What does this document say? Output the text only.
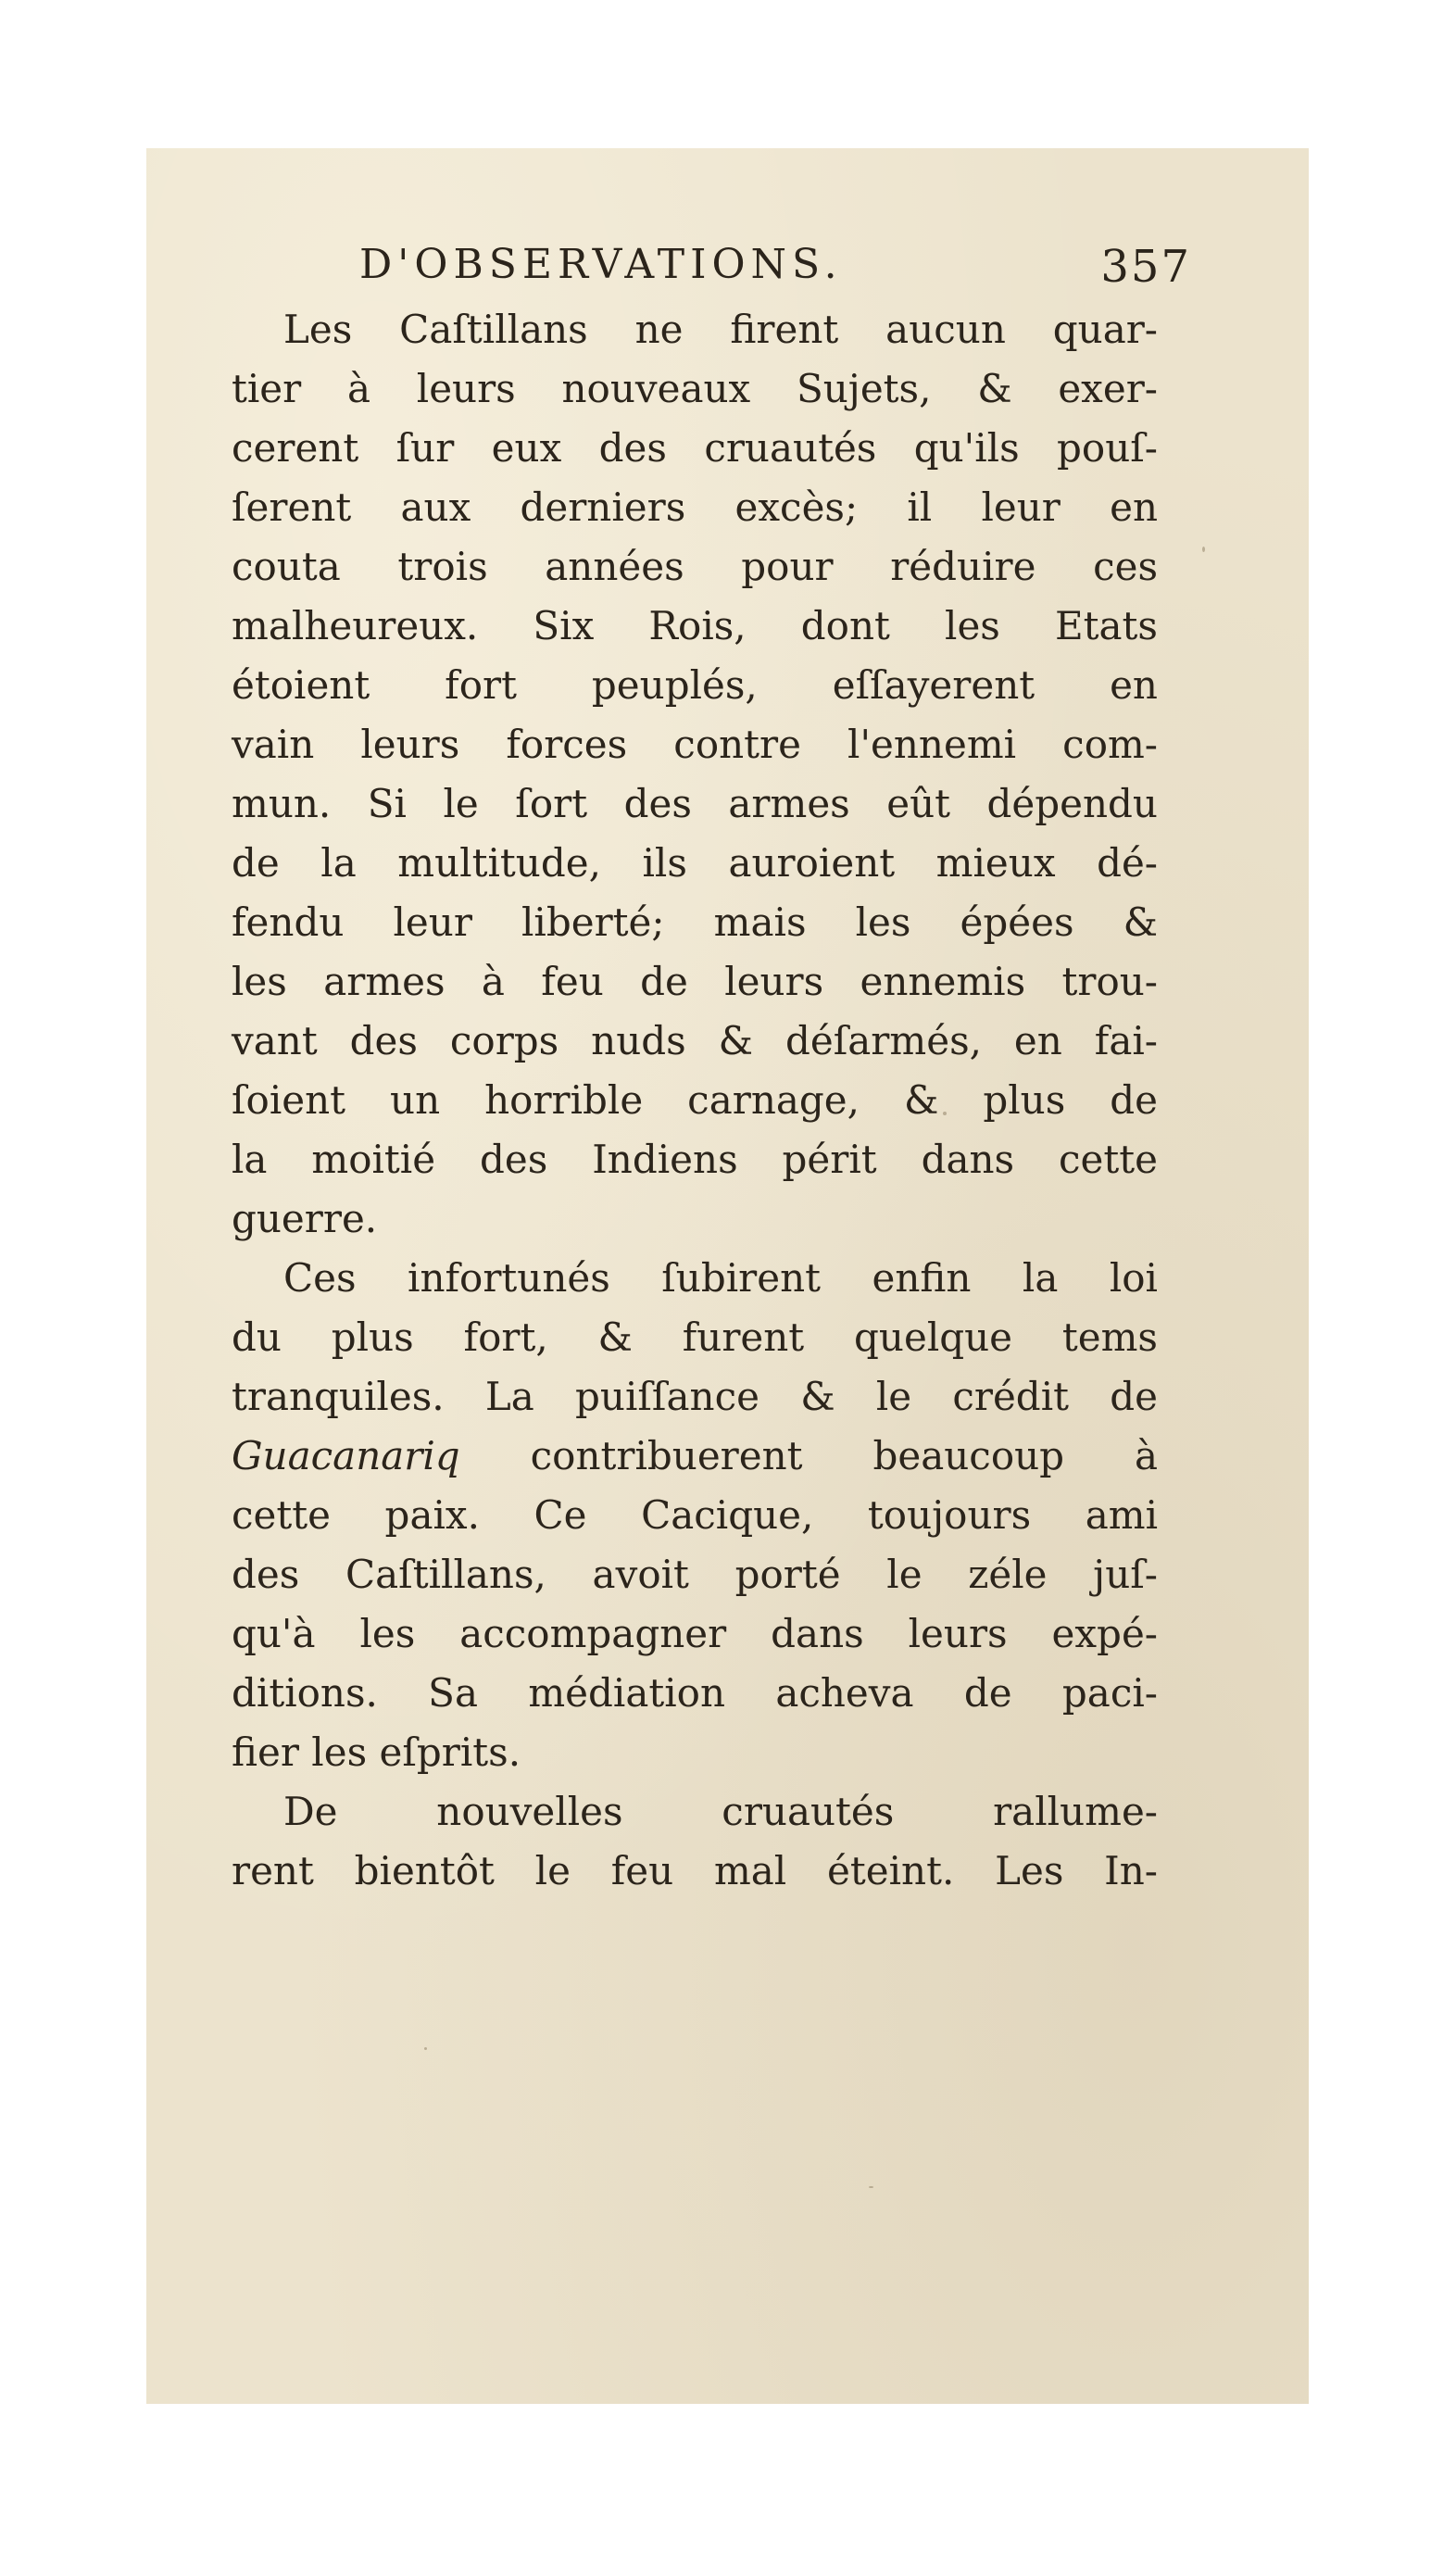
D'OBSERVATIONS.	357

Les Caſtillans ne firent aucun quar-
tier à leurs nouveaux Sujets, & exer-
cerent ſur eux des cruautés qu'ils pouſ-
ſerent aux derniers excès; il leur en
couta trois années pour réduire ces
malheureux. Six Rois, dont les Etats
étoient fort peuplés, eſſayerent en
vain leurs forces contre l'ennemi com-
mun. Si le ſort des armes eût dépendu
de la multitude, ils auroient mieux dé-
fendu leur liberté; mais les épées &
les armes à feu de leurs ennemis trou-
vant des corps nuds & déſarmés, en fai-
ſoient un horrible carnage, & plus de
la moitié des Indiens périt dans cette
guerre.

Ces infortunés ſubirent enfin la loi
du plus fort, & furent quelque tems
tranquiles. La puiſſance & le crédit de
Guacanariq contribuerent beaucoup à
cette paix. Ce Cacique, toujours ami
des Caſtillans, avoit porté le zéle juſ-
qu'à les accompagner dans leurs expé-
ditions. Sa médiation acheva de paci-
fier les eſprits.

De nouvelles cruautés rallume-
rent bientôt le feu mal éteint. Les In-
